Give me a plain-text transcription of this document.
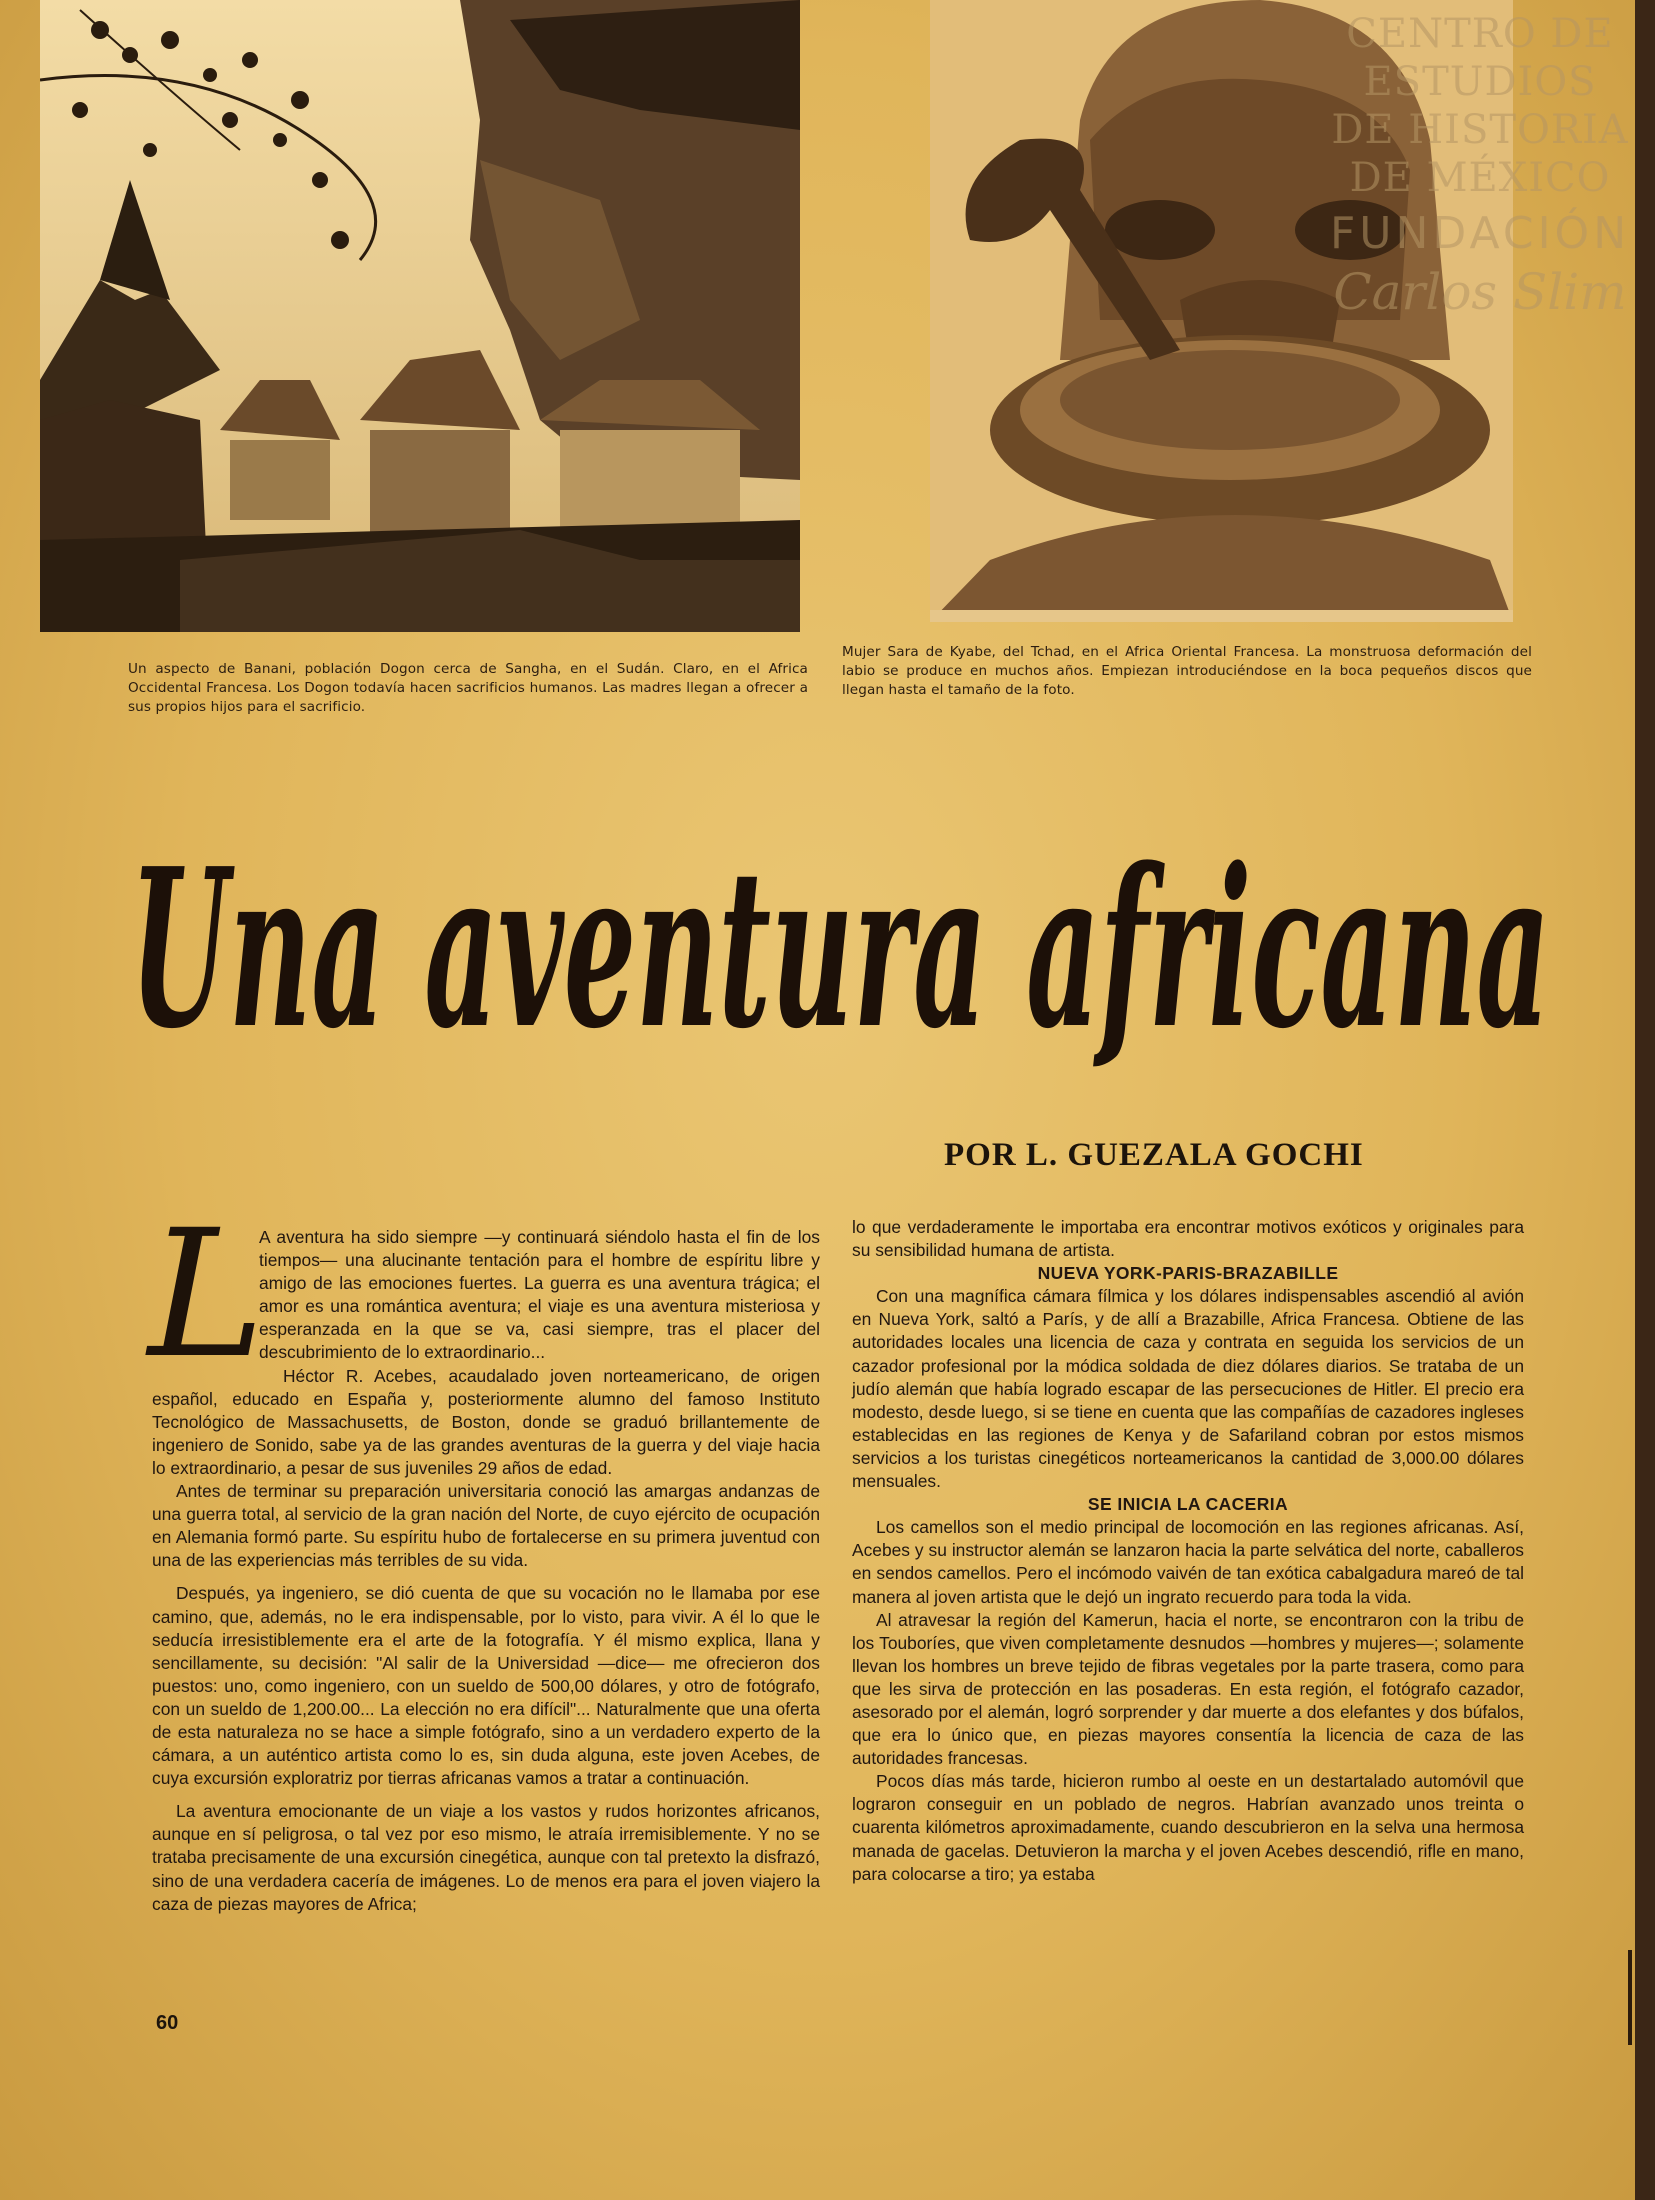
Un aspecto de Banani, población Dogon cerca de Sangha, en el Sudán. Claro, en el Africa Occidental Francesa. Los Dogon todavía hacen sacrificios humanos. Las madres llegan a ofrecer a sus propios hijos para el sacrificio.
Mujer Sara de Kyabe, del Tchad, en el Africa Oriental Francesa. La monstruosa deformación del labio se produce en muchos años. Empiezan introduciéndose en la boca pequeños discos que llegan hasta el tamaño de la foto.
CENTRO DE
ESTUDIOS
DE HISTORIA
DE MÉXICO
FUNDACIÓN
Carlos Slim
Una aventura africana
POR L. GUEZALA GOCHI
L

A aventura ha sido siempre —y continuará siéndolo hasta el fin de los tiempos— una alucinante tentación para el hombre de espíritu libre y amigo de las emociones fuertes. La guerra es una aventura trágica; el amor es una romántica aventura; el viaje es una aventura misteriosa y esperanzada en la que se va, casi siempre, tras el placer del descubrimiento de lo extraordinario...

Héctor R. Acebes, acaudalado joven norteamericano, de origen español, educado en España y, posteriormente alumno del famoso Instituto Tecnológico de Massachusetts, de Boston, donde se graduó brillantemente de ingeniero de Sonido, sabe ya de las grandes aventuras de la guerra y del viaje hacia lo extraordinario, a pesar de sus juveniles 29 años de edad.

Antes de terminar su preparación universitaria conoció las amargas andanzas de una guerra total, al servicio de la gran nación del Norte, de cuyo ejército de ocupación en Alemania formó parte. Su espíritu hubo de fortalecerse en su primera juventud con una de las experiencias más terribles de su vida.

Después, ya ingeniero, se dió cuenta de que su vocación no le llamaba por ese camino, que, además, no le era indispensable, por lo visto, para vivir. A él lo que le seducía irresistiblemente era el arte de la fotografía. Y él mismo explica, llana y sencillamente, su decisión: "Al salir de la Universidad —dice— me ofrecieron dos puestos: uno, como ingeniero, con un sueldo de 500,00 dólares, y otro de fotógrafo, con un sueldo de 1,200.00... La elección no era difícil"... Naturalmente que una oferta de esta naturaleza no se hace a simple fotógrafo, sino a un verdadero experto de la cámara, a un auténtico artista como lo es, sin duda alguna, este joven Acebes, de cuya excursión exploratriz por tierras africanas vamos a tratar a continuación.

La aventura emocionante de un viaje a los vastos y rudos horizontes africanos, aunque en sí peligrosa, o tal vez por eso mismo, le atraía irremisiblemente. Y no se trataba precisamente de una excursión cinegética, aunque con tal pretexto la disfrazó, sino de una verdadera cacería de imágenes. Lo de menos era para el joven viajero la caza de piezas mayores de Africa;

lo que verdaderamente le importaba era encontrar motivos exóticos y originales para su sensibilidad humana de artista.

NUEVA YORK-PARIS-BRAZABILLE

Con una magnífica cámara fílmica y los dólares indispensables ascendió al avión en Nueva York, saltó a París, y de allí a Brazabille, Africa Francesa. Obtiene de las autoridades locales una licencia de caza y contrata en seguida los servicios de un cazador profesional por la módica soldada de diez dólares diarios. Se trataba de un judío alemán que había logrado escapar de las persecuciones de Hitler. El precio era modesto, desde luego, si se tiene en cuenta que las compañías de cazadores ingleses establecidas en las regiones de Kenya y de Safariland cobran por estos mismos servicios a los turistas cinegéticos norteamericanos la cantidad de 3,000.00 dólares mensuales.

SE INICIA LA CACERIA

Los camellos son el medio principal de locomoción en las regiones africanas. Así, Acebes y su instructor alemán se lanzaron hacia la parte selvática del norte, caballeros en sendos camellos. Pero el incómodo vaivén de tan exótica cabalgadura mareó de tal manera al joven artista que le dejó un ingrato recuerdo para toda la vida.

Al atravesar la región del Kamerun, hacia el norte, se encontraron con la tribu de los Touboríes, que viven completamente desnudos —hombres y mujeres—; solamente llevan los hombres un breve tejido de fibras vegetales por la parte trasera, como para que les sirva de protección en las posaderas. En esta región, el fotógrafo cazador, asesorado por el alemán, logró sorprender y dar muerte a dos elefantes y dos búfalos, que era lo único que, en piezas mayores consentía la licencia de caza de las autoridades francesas.

Pocos días más tarde, hicieron rumbo al oeste en un destartalado automóvil que lograron conseguir en un poblado de negros. Habrían avanzado unos treinta o cuarenta kilómetros aproximadamente, cuando descubrieron en la selva una hermosa manada de gacelas. Detuvieron la marcha y el joven Acebes descendió, rifle en mano, para colocarse a tiro; ya estaba

60
